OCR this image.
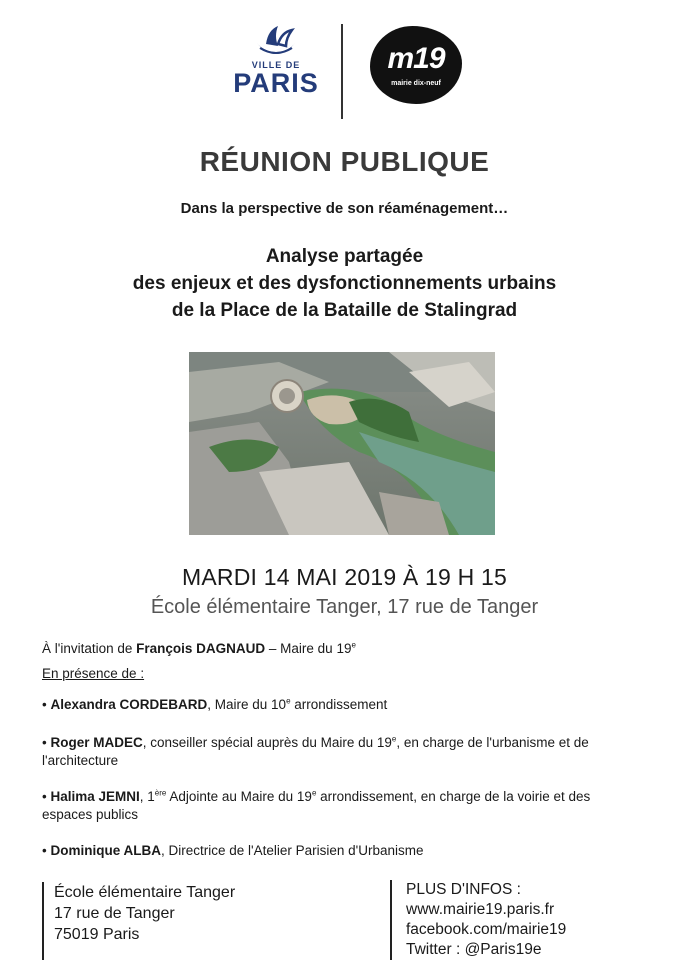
VILLE DE
PARIS
m19
mairie dix-neuf
RÉUNION PUBLIQUE
Dans la perspective de son réaménagement…
Analyse partagée
des enjeux et des dysfonctionnements urbains
de la Place de la Bataille de Stalingrad
MARDI 14 MAI 2019 À 19 H 15
École élémentaire Tanger, 17 rue de Tanger
À l'invitation de François DAGNAUD – Maire du 19e
En présence de :
• Alexandra CORDEBARD, Maire du 10e arrondissement
• Roger MADEC, conseiller spécial auprès du Maire du 19e, en charge de l'urbanisme et de l'architecture
• Halima JEMNI, 1ère Adjointe au Maire du 19e arrondissement, en charge de la voirie et des espaces publics
• Dominique ALBA, Directrice de l'Atelier Parisien d'Urbanisme
École élémentaire Tanger
17 rue de Tanger
75019 Paris
PLUS D'INFOS :
www.mairie19.paris.fr
facebook.com/mairie19
Twitter : @Paris19e
